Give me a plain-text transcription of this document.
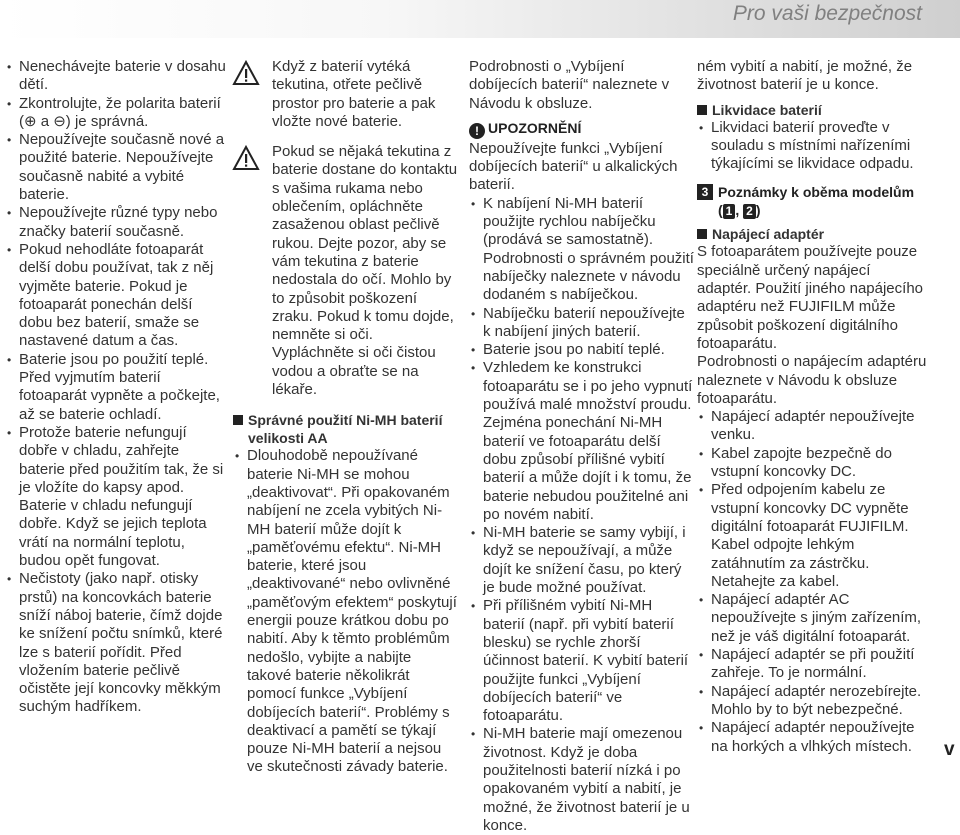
Pro vaši bezpečnost
• Nenechávejte baterie v dosahu dětí.
• Zkontrolujte, že polarita baterií (⊕ a ⊖) je správná.
• Nepoužívejte současně nové a použité baterie. Nepoužívejte současně nabité a vybité baterie.
• Nepoužívejte různé typy nebo značky baterií současně.
• Pokud nehodláte fotoaparát delší dobu používat, tak z něj vyjměte baterie. Pokud je fotoaparát ponechán delší dobu bez baterií, smaže se nastavené datum a čas.
• Baterie jsou po použití teplé. Před vyjmutím baterií fotoaparát vypněte a počkejte, až se baterie ochladí.
• Protože baterie nefungují dobře v chladu, zahřejte baterie před použitím tak, že si je vložíte do kapsy apod. Baterie v chladu nefungují dobře. Když se jejich teplota vrátí na normální teplotu, budou opět fungovat.
• Nečistoty (jako např. otisky prstů) na koncovkách baterie sníží náboj baterie, čímž dojde ke snížení počtu snímků, které lze s baterií pořídit. Před vložením baterie pečlivě očistěte její koncovky měkkým suchým hadříkem.
Když z baterií vytéká tekutina, otřete pečlivě prostor pro baterie a pak vložte nové baterie.
Pokud se nějaká tekutina z baterie dostane do kontaktu s vašima rukama nebo oblečením, opláchněte zasaženou oblast pečlivě rukou. Dejte pozor, aby se vám tekutina z baterie nedostala do očí. Mohlo by to způsobit poškození zraku. Pokud k tomu dojde, nemněte si oči. Vypláchněte si oči čistou vodou a obraťte se na lékaře.
Správné použití Ni-MH baterií velikosti AA
• Dlouhodobě nepoužívané baterie Ni-MH se mohou „deaktivovat“. Při opakovaném nabíjení ne zcela vybitých Ni-MH baterií může dojít k „paměťovému efektu“. Ni-MH baterie, které jsou „deaktivované“ nebo ovlivněné „paměťovým efektem“ poskytují energii pouze krátkou dobu po nabití. Aby k těmto problémům nedošlo, vybijte a nabijte takové baterie několikrát pomocí funkce „Vybíjení dobíjecích baterií“. Problémy s deaktivací a pamětí se týkají pouze Ni-MH baterií a nejsou ve skutečnosti závady baterie.

Podrobnosti o „Vybíjení dobíjecích baterií“ naleznete v Návodu k obsluze.

! UPOZORNĚNÍ

Nepoužívejte funkci „Vybíjení dobíjecích baterií“ u alkalických baterií.

• K nabíjení Ni-MH baterií použijte rychlou nabíječku (prodává se samostatně). Podrobnosti o správném použití nabíječky naleznete v návodu dodaném s nabíječkou.
• Nabíječku baterií nepoužívejte k nabíjení jiných baterií.
• Baterie jsou po nabití teplé.
• Vzhledem ke konstrukci fotoaparátu se i po jeho vypnutí používá malé množství proudu. Zejména ponechání Ni-MH baterií ve fotoaparátu delší dobu způsobí přílišné vybití baterií a může dojít i k tomu, že baterie nebudou použitelné ani po novém nabití.
• Ni-MH baterie se samy vybijí, i když se nepoužívají, a může dojít ke snížení času, po který je bude možné používat.
• Při přílišném vybití Ni-MH baterií (např. při vybití baterií blesku) se rychle zhorší účinnost baterií. K vybití baterií použijte funkci „Vybíjení dobíjecích baterií“ ve fotoaparátu.
• Ni-MH baterie mají omezenou životnost. Když je doba použitelnosti baterií nízká i po opakovaném vybití a nabití, je možné, že životnost baterií je u konce.

ném vybití a nabití, je možné, že životnost baterií je u konce.

Likvidace baterií
• Likvidaci baterií proveďte v souladu s místními nařízeními týkajícími se likvidace odpadu.
3 Poznámky k oběma modelům
( 1 , 2 )
Napájecí adaptér

S fotoaparátem používejte pouze speciálně určený napájecí adaptér. Použití jiného napájecího adaptéru než FUJIFILM může způsobit poškození digitálního fotoaparátu.

Podrobnosti o napájecím adaptéru naleznete v Návodu k obsluze fotoaparátu.

• Napájecí adaptér nepoužívejte venku.
• Kabel zapojte bezpečně do vstupní koncovky DC.
• Před odpojením kabelu ze vstupní koncovky DC vypněte digitální fotoaparát FUJIFILM. Kabel odpojte lehkým zatáhnutím za zástrčku. Netahejte za kabel.
• Napájecí adaptér AC nepoužívejte s jiným zařízením, než je váš digitální fotoaparát.
• Napájecí adaptér se při použití zahřeje. To je normální.
• Napájecí adaptér nerozebírejte. Mohlo by to být nebezpečné.
• Napájecí adaptér nepoužívejte na horkých a vlhkých místech.	v
